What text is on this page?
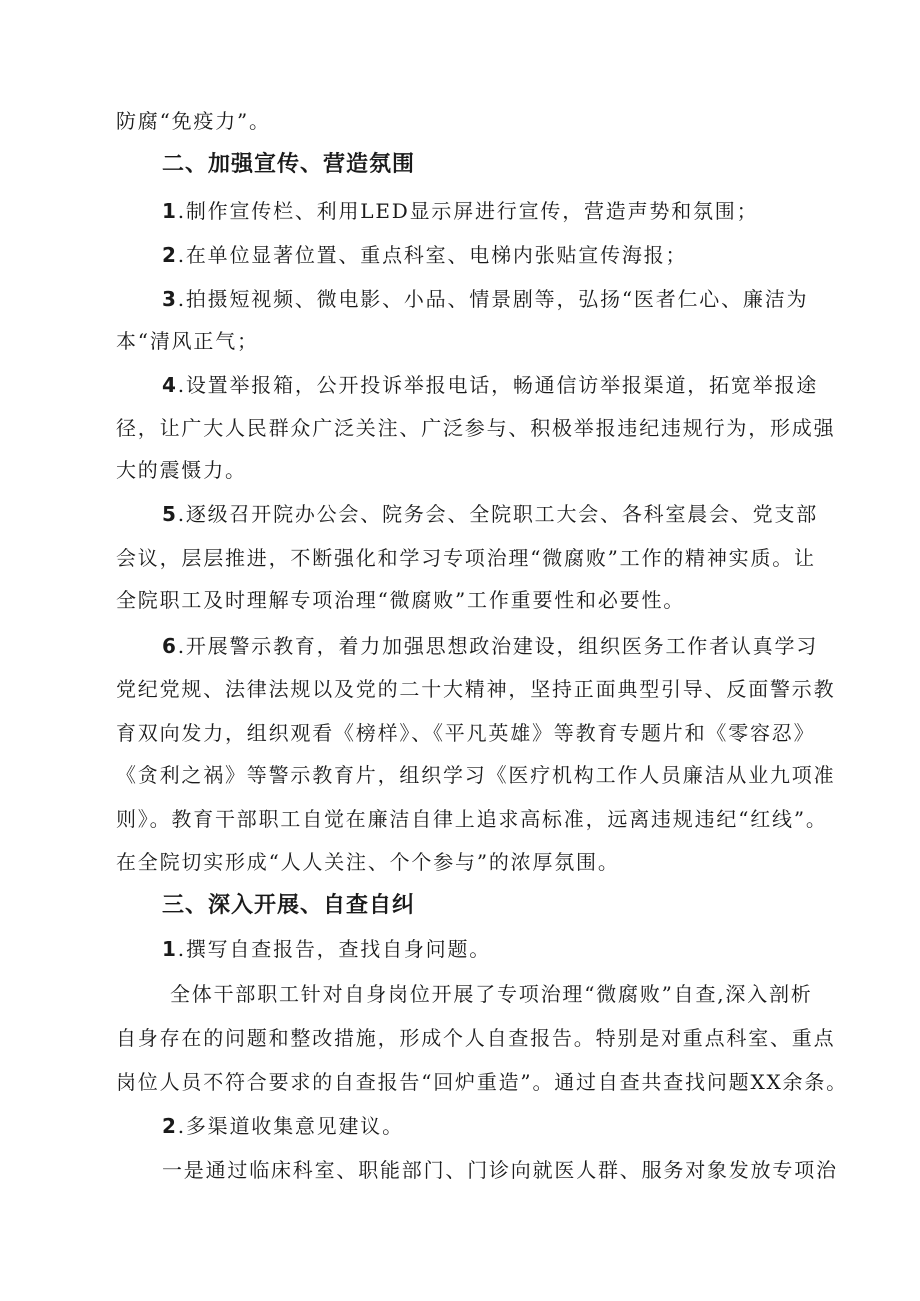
防腐“免疫力”。
二、加强宣传、营造氛围
1.制作宣传栏、利用LED显示屏进行宣传，营造声势和氛围；
2.在单位显著位置、重点科室、电梯内张贴宣传海报；
3.拍摄短视频、微电影、小品、情景剧等，弘扬“医者仁心、廉洁为
本“清风正气；
4.设置举报箱，公开投诉举报电话，畅通信访举报渠道，拓宽举报途
径，让广大人民群众广泛关注、广泛参与、积极举报违纪违规行为，形成强
大的震慑力。
5.逐级召开院办公会、院务会、全院职工大会、各科室晨会、党支部
会议，层层推进，不断强化和学习专项治理“微腐败”工作的精神实质。让
全院职工及时理解专项治理“微腐败”工作重要性和必要性。
6.开展警示教育，着力加强思想政治建设，组织医务工作者认真学习
党纪党规、法律法规以及党的二十大精神，坚持正面典型引导、反面警示教
育双向发力，组织观看《榜样》、《平凡英雄》等教育专题片和《零容忍》
《贪利之祸》等警示教育片，组织学习《医疗机构工作人员廉洁从业九项准
则》。教育干部职工自觉在廉洁自律上追求高标准，远离违规违纪“红线”。
在全院切实形成“人人关注、个个参与”的浓厚氛围。
三、深入开展、自查自纠
1.撰写自查报告，查找自身问题。
全体干部职工针对自身岗位开展了专项治理“微腐败”自查,深入剖析
自身存在的问题和整改措施，形成个人自查报告。特别是对重点科室、重点
岗位人员不符合要求的自查报告“回炉重造”。通过自查共查找问题XX余条。
2.多渠道收集意见建议。
一是通过临床科室、职能部门、门诊向就医人群、服务对象发放专项治
